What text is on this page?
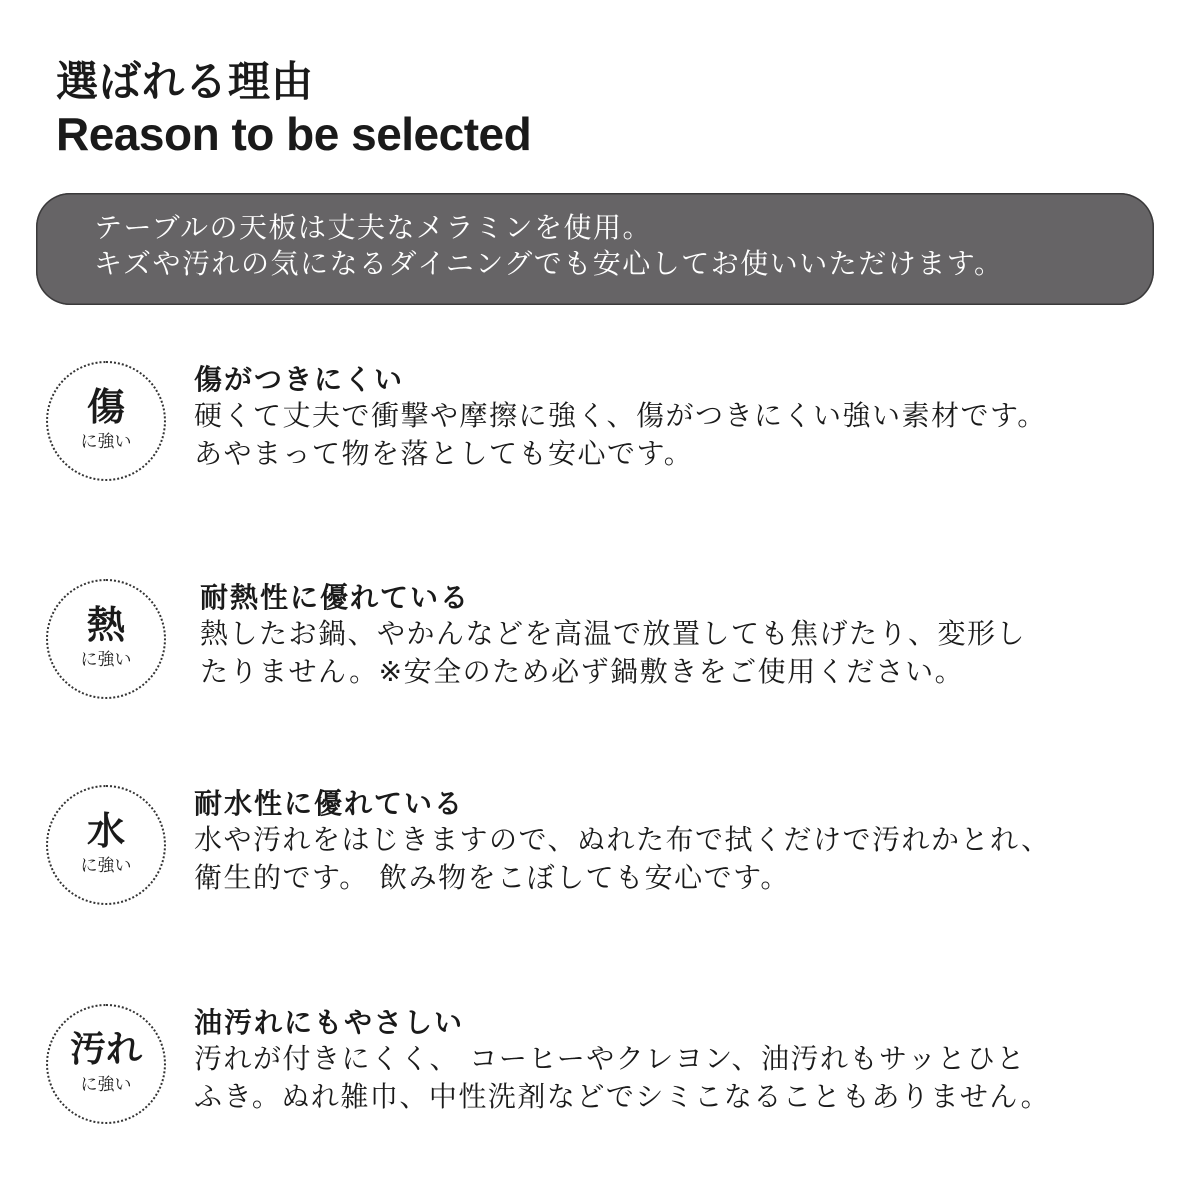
選ばれる理由
Reason to be selected

テーブルの天板は丈夫なメラミンを使用。

キズや汚れの気になるダイニングでも安心してお使いいただけます。

傷
に強い
傷がつきにくい

硬くて丈夫で衝撃や摩擦に強く、傷がつきにくい強い素材です。
あやまって物を落としても安心です。

熱
に強い
耐熱性に優れている

熱したお鍋、やかんなどを高温で放置しても焦げたり、変形し
たりません。※安全のため必ず鍋敷きをご使用ください。

水
に強い
耐水性に優れている

水や汚れをはじきますので、ぬれた布で拭くだけで汚れかとれ、
衛生的です。 飲み物をこぼしても安心です。

汚れ
に強い
油汚れにもやさしい

汚れが付きにくく、 コーヒーやクレヨン、油汚れもサッとひと
ふき。ぬれ雑巾、中性洗剤などでシミこなることもありません。
